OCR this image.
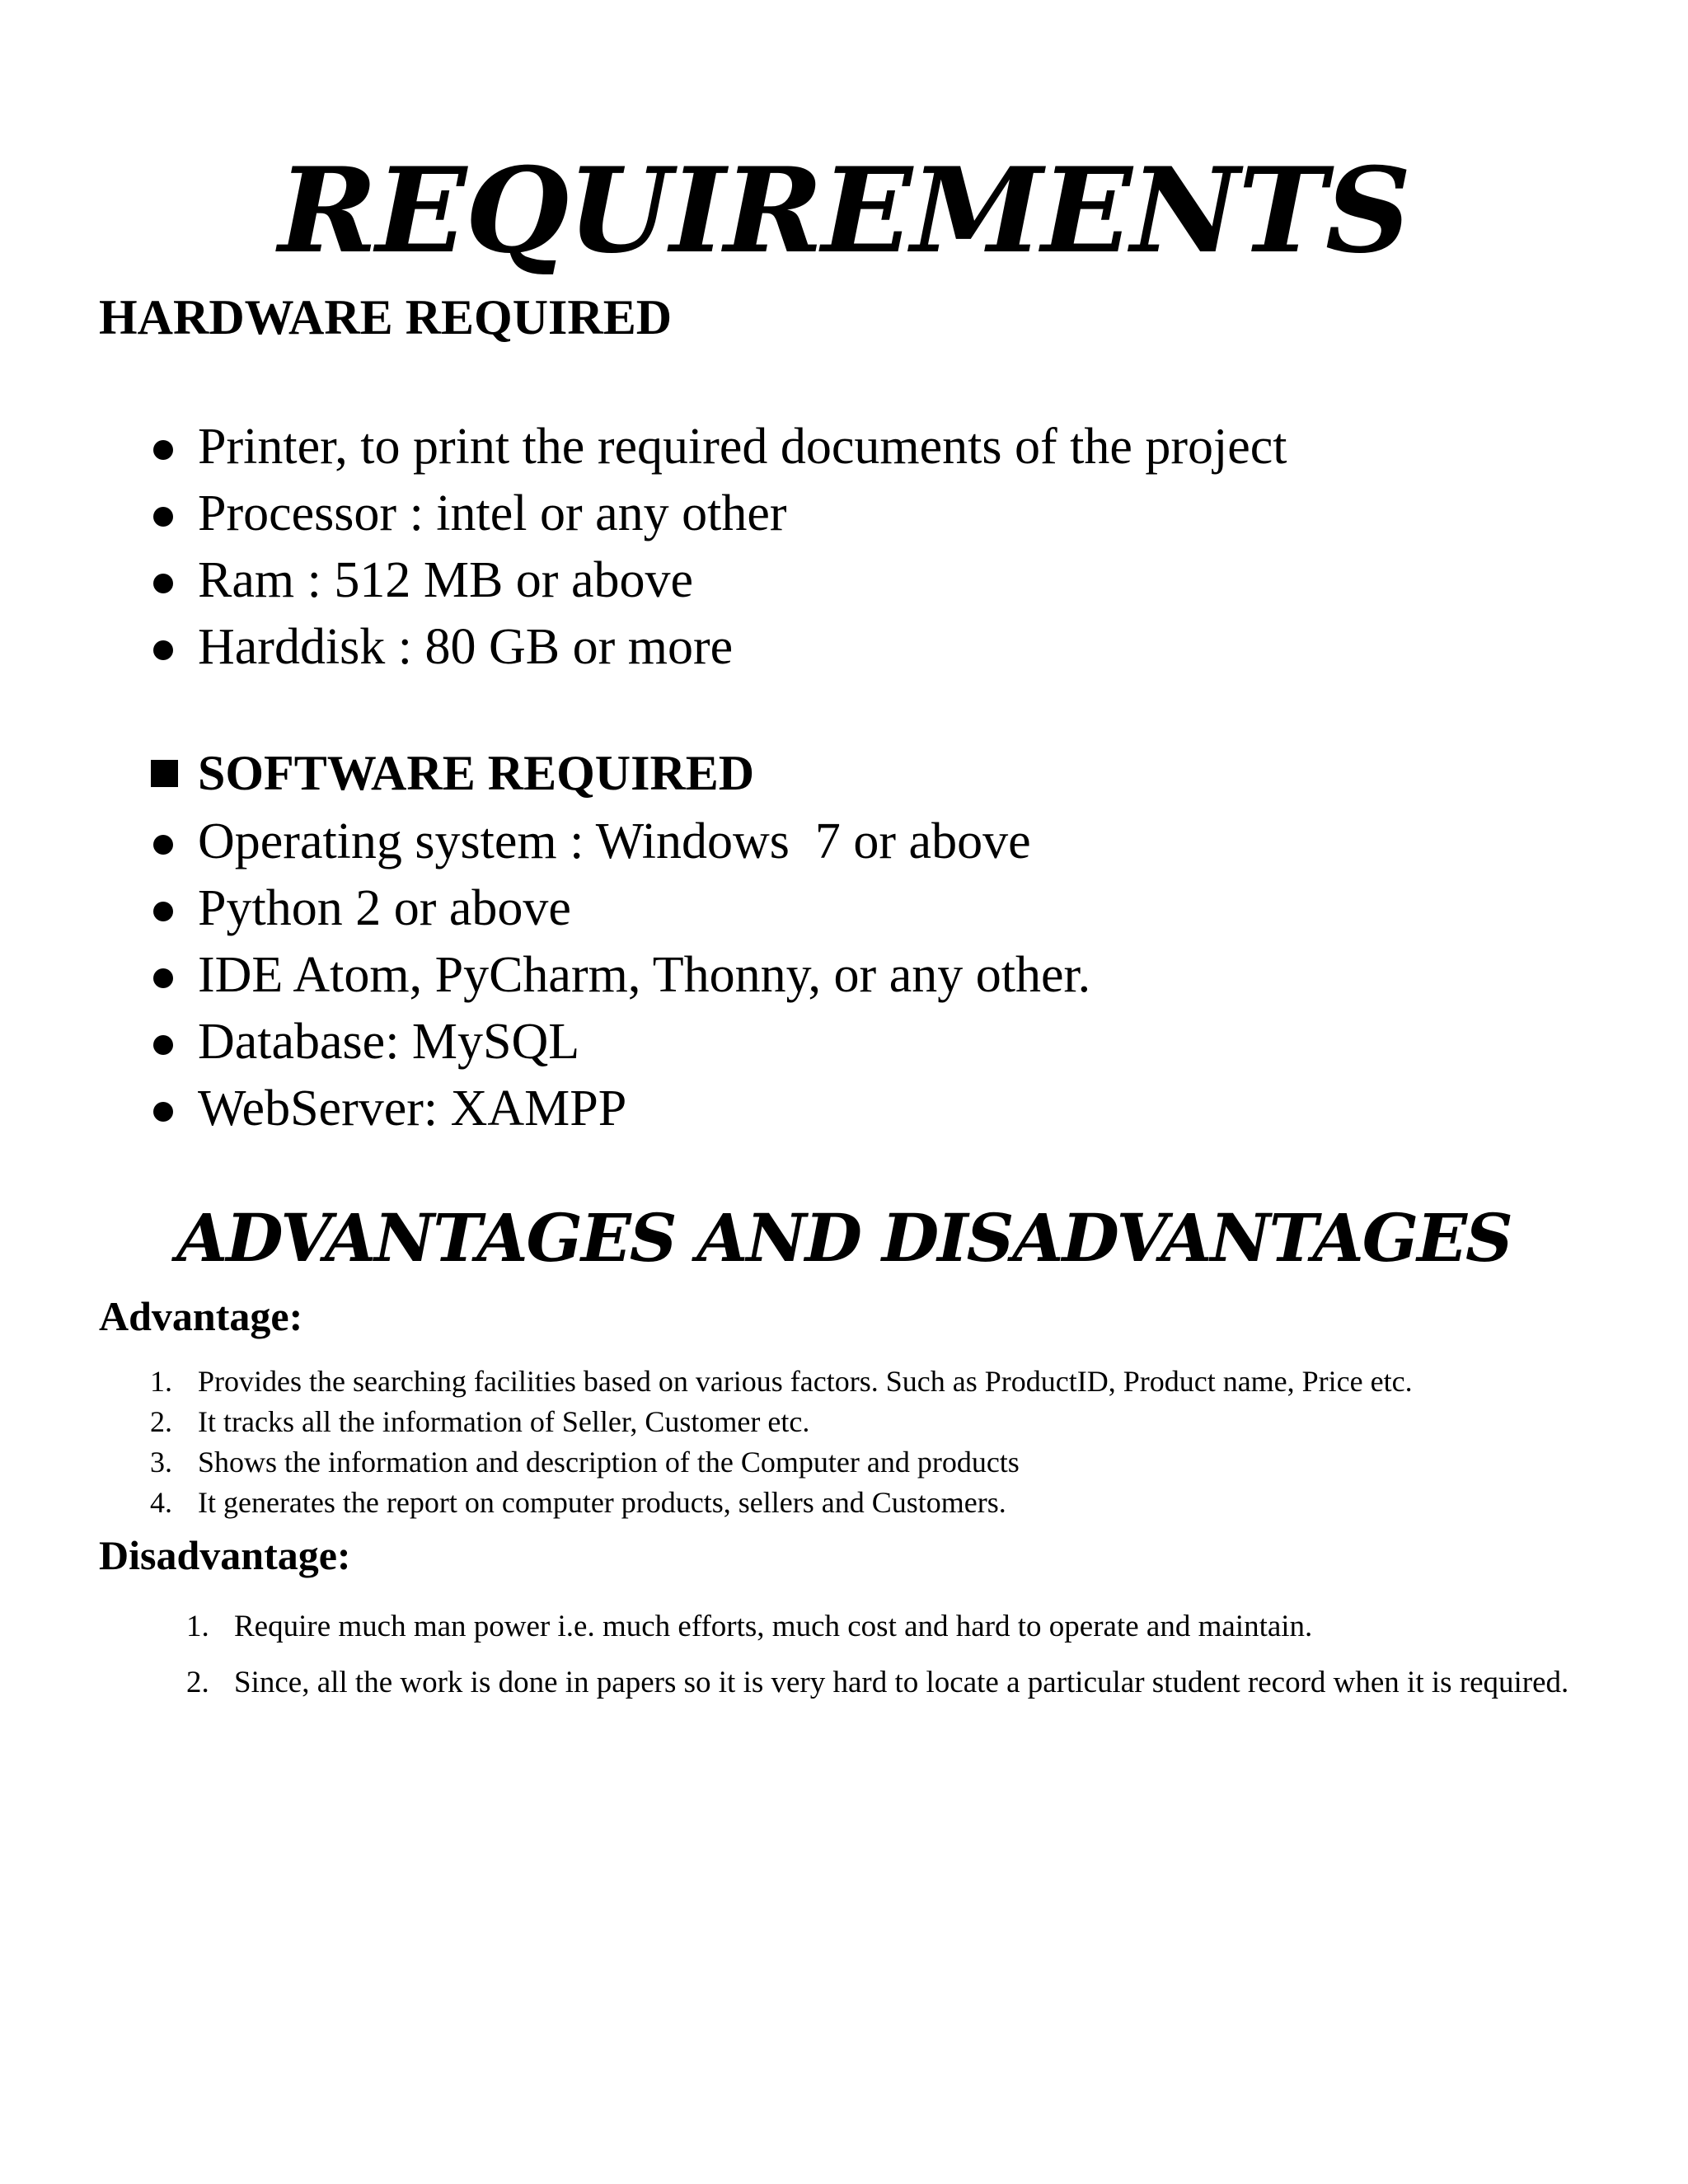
REQUIREMENTS
HARDWARE REQUIRED
Printer, to print the required documents of the project
Processor : intel or any other
Ram : 512 MB or above
Harddisk : 80 GB or more
SOFTWARE REQUIRED
Operating system : Windows  7 or above
Python 2 or above
IDE Atom, PyCharm, Thonny, or any other.
Database: MySQL
WebServer: XAMPP
ADVANTAGES AND DISADVANTAGES
Advantage:
1. Provides the searching facilities based on various factors. Such as ProductID, Product name, Price etc.
2. It tracks all the information of Seller, Customer etc.
3. Shows the information and description of the Computer and products
4. It generates the report on computer products, sellers and Customers.
Disadvantage:
1. Require much man power i.e. much efforts, much cost and hard to operate and maintain.
2. Since, all the work is done in papers so it is very hard to locate a particular student record when it is required.
